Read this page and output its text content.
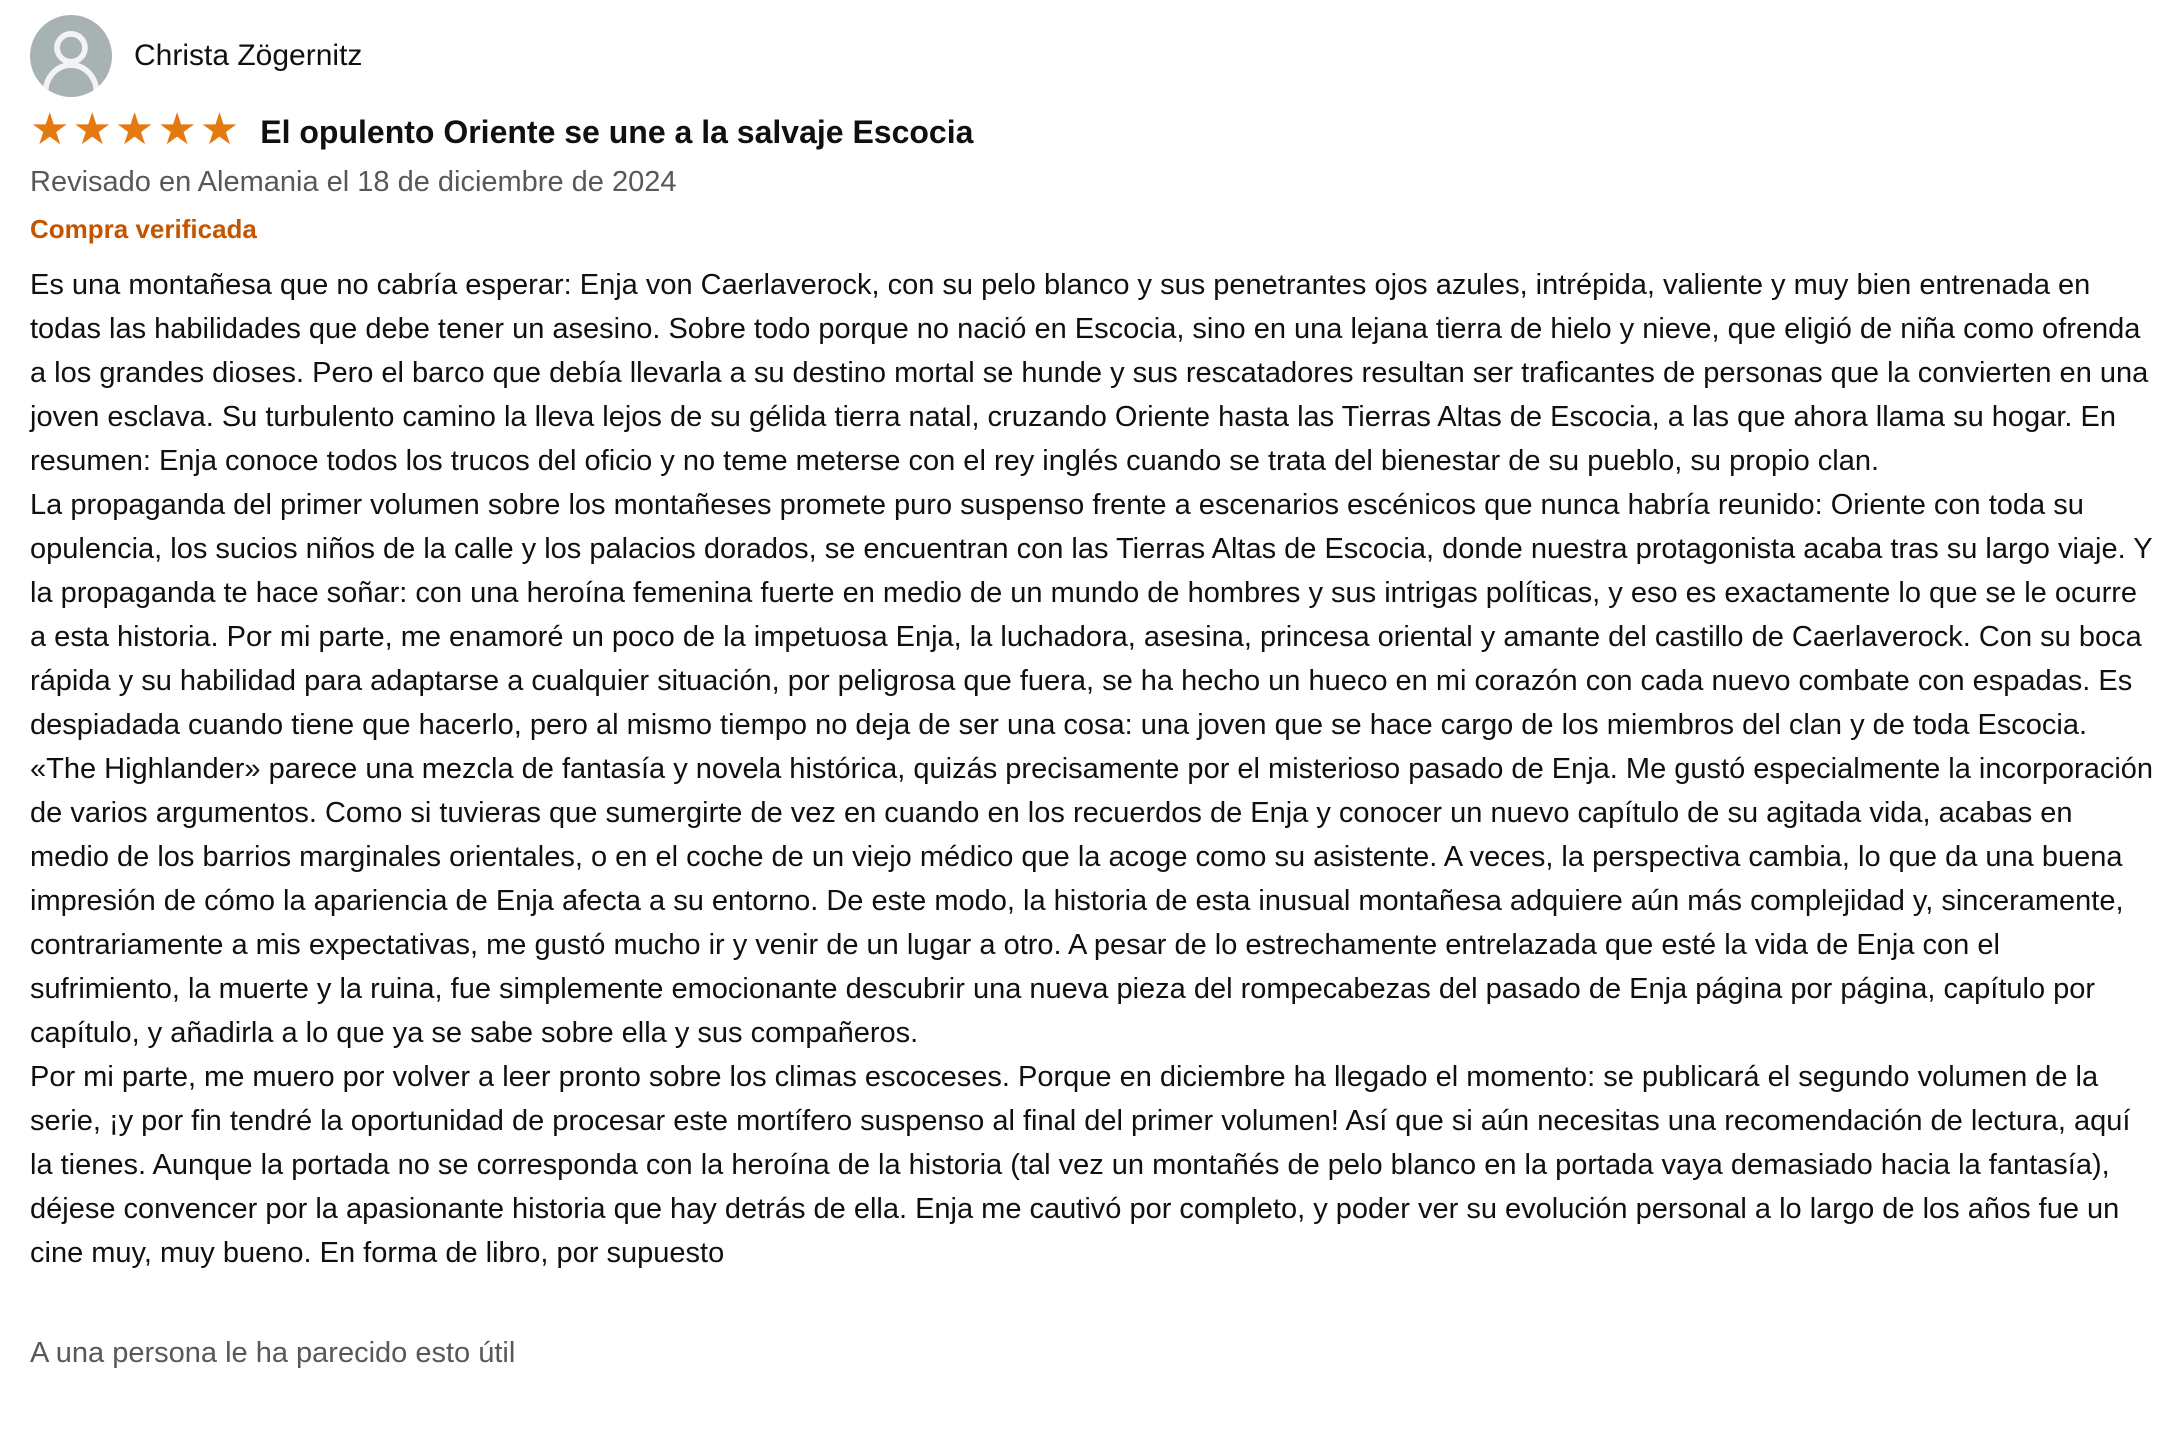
Christa Zögernitz
★★★★★ El opulento Oriente se une a la salvaje Escocia
Revisado en Alemania el 18 de diciembre de 2024
Compra verificada

Es una montañesa que no cabría esperar: Enja von Caerlaverock, con su pelo blanco y sus penetrantes ojos azules, intrépida, valiente y muy bien entrenada en todas las habilidades que debe tener un asesino. Sobre todo porque no nació en Escocia, sino en una lejana tierra de hielo y nieve, que eligió de niña como ofrenda a los grandes dioses. Pero el barco que debía llevarla a su destino mortal se hunde y sus rescatadores resultan ser traficantes de personas que la convierten en una joven esclava. Su turbulento camino la lleva lejos de su gélida tierra natal, cruzando Oriente hasta las Tierras Altas de Escocia, a las que ahora llama su hogar. En resumen: Enja conoce todos los trucos del oficio y no teme meterse con el rey inglés cuando se trata del bienestar de su pueblo, su propio clan.

La propaganda del primer volumen sobre los montañeses promete puro suspenso frente a escenarios escénicos que nunca habría reunido: Oriente con toda su opulencia, los sucios niños de la calle y los palacios dorados, se encuentran con las Tierras Altas de Escocia, donde nuestra protagonista acaba tras su largo viaje. Y la propaganda te hace soñar: con una heroína femenina fuerte en medio de un mundo de hombres y sus intrigas políticas, y eso es exactamente lo que se le ocurre a esta historia. Por mi parte, me enamoré un poco de la impetuosa Enja, la luchadora, asesina, princesa oriental y amante del castillo de Caerlaverock. Con su boca rápida y su habilidad para adaptarse a cualquier situación, por peligrosa que fuera, se ha hecho un hueco en mi corazón con cada nuevo combate con espadas. Es despiadada cuando tiene que hacerlo, pero al mismo tiempo no deja de ser una cosa: una joven que se hace cargo de los miembros del clan y de toda Escocia.

«The Highlander» parece una mezcla de fantasía y novela histórica, quizás precisamente por el misterioso pasado de Enja. Me gustó especialmente la incorporación de varios argumentos. Como si tuvieras que sumergirte de vez en cuando en los recuerdos de Enja y conocer un nuevo capítulo de su agitada vida, acabas en medio de los barrios marginales orientales, o en el coche de un viejo médico que la acoge como su asistente. A veces, la perspectiva cambia, lo que da una buena impresión de cómo la apariencia de Enja afecta a su entorno. De este modo, la historia de esta inusual montañesa adquiere aún más complejidad y, sinceramente, contrariamente a mis expectativas, me gustó mucho ir y venir de un lugar a otro. A pesar de lo estrechamente entrelazada que esté la vida de Enja con el sufrimiento, la muerte y la ruina, fue simplemente emocionante descubrir una nueva pieza del rompecabezas del pasado de Enja página por página, capítulo por capítulo, y añadirla a lo que ya se sabe sobre ella y sus compañeros.

Por mi parte, me muero por volver a leer pronto sobre los climas escoceses. Porque en diciembre ha llegado el momento: se publicará el segundo volumen de la serie, ¡y por fin tendré la oportunidad de procesar este mortífero suspenso al final del primer volumen! Así que si aún necesitas una recomendación de lectura, aquí la tienes. Aunque la portada no se corresponda con la heroína de la historia (tal vez un montañés de pelo blanco en la portada vaya demasiado hacia la fantasía), déjese convencer por la apasionante historia que hay detrás de ella. Enja me cautivó por completo, y poder ver su evolución personal a lo largo de los años fue un cine muy, muy bueno. En forma de libro, por supuesto

A una persona le ha parecido esto útil
